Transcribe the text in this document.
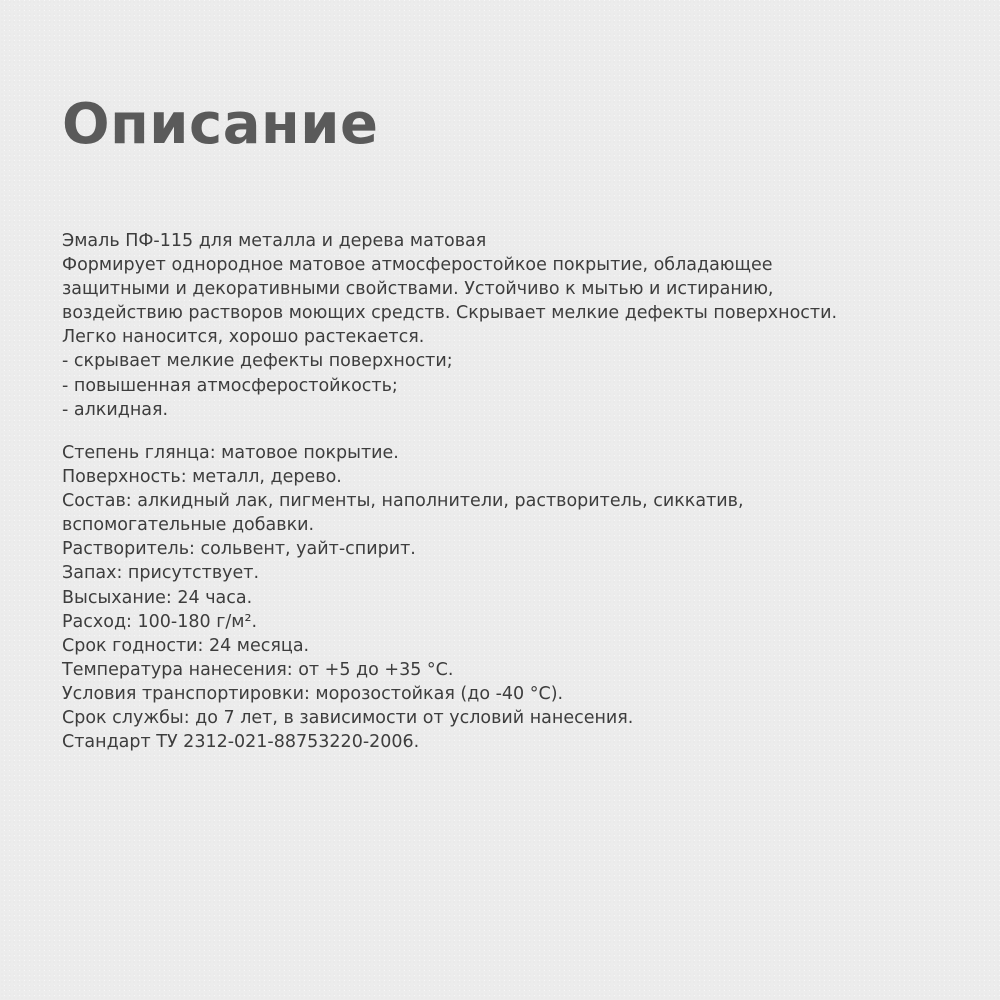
Описание
Эмаль ПФ-115 для металла и дерева матовая
Формирует однородное матовое атмосферостойкое покрытие, обладающее
защитными и декоративными свойствами. Устойчиво к мытью и истиранию,
воздействию растворов моющих средств. Скрывает мелкие дефекты поверхности.
Легко наносится, хорошо растекается.
- скрывает мелкие дефекты поверхности;
- повышенная атмосферостойкость;
- алкидная.
Степень глянца: матовое покрытие.
Поверхность: металл, дерево.
Состав: алкидный лак, пигменты, наполнители, растворитель, сиккатив,
вспомогательные добавки.
Растворитель: сольвент, уайт-спирит.
Запах: присутствует.
Высыхание: 24 часа.
Расход: 100-180 г/м².
Срок годности: 24 месяца.
Температура нанесения: от +5 до +35 °С.
Условия транспортировки: морозостойкая (до -40 °С).
Срок службы: до 7 лет, в зависимости от условий нанесения.
Стандарт ТУ 2312-021-88753220-2006.
